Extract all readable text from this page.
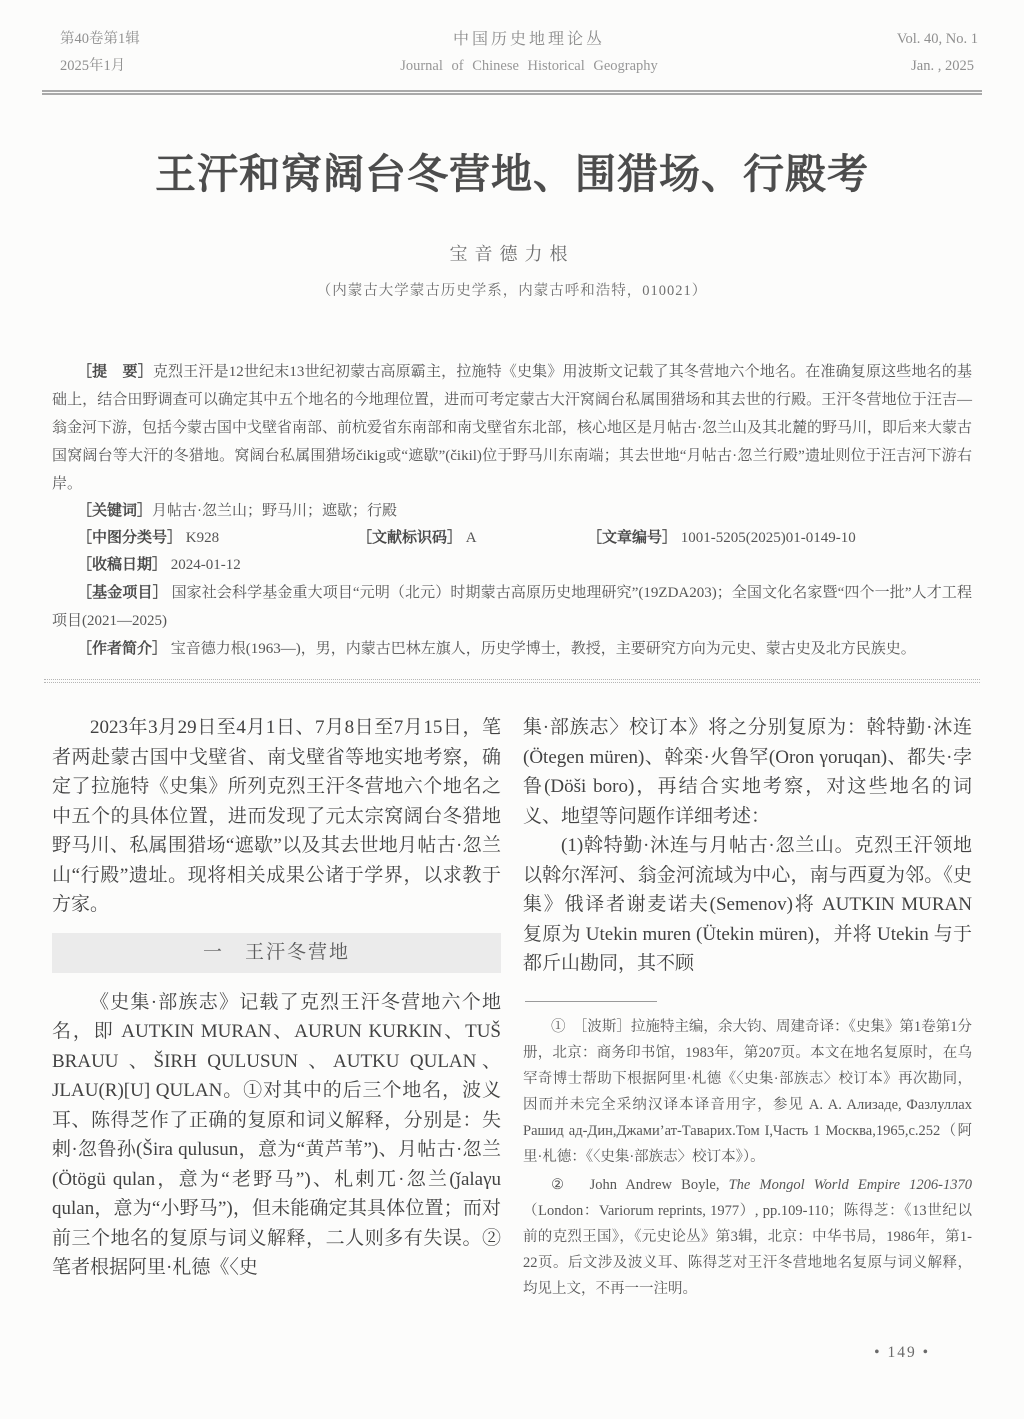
第40卷第1辑
2025年1月
中国历史地理论丛
Journal of Chinese Historical Geography
Vol. 40, No. 1
Jan. , 2025
王汗和窝阔台冬营地、围猎场、行殿考
宝音德力根
（内蒙古大学蒙古历史学系，内蒙古呼和浩特，010021）

［提　要］克烈王汗是12世纪末13世纪初蒙古高原霸主，拉施特《史集》用波斯文记载了其冬营地六个地名。在准确复原这些地名的基础上，结合田野调查可以确定其中五个地名的今地理位置，进而可考定蒙古大汗窝阔台私属围猎场和其去世的行殿。王汗冬营地位于汪吉—翁金河下游，包括今蒙古国中戈壁省南部、前杭爱省东南部和南戈壁省东北部，核心地区是月帖古·忽兰山及其北麓的野马川，即后来大蒙古国窝阔台等大汗的冬猎地。窝阔台私属围猎场čikig或“遮歇”(čikil)位于野马川东南端；其去世地“月帖古·忽兰行殿”遗址则位于汪吉河下游右岸。

［关键词］月帖古·忽兰山；野马川；遮歇；行殿

［中图分类号］ K928	［文献标识码］ A	［文章编号］ 1001-5205(2025)01-0149-10

［收稿日期］ 2024-01-12

［基金项目］ 国家社会科学基金重大项目“元明（北元）时期蒙古高原历史地理研究”(19ZDA203)；全国文化名家暨“四个一批”人才工程项目(2021—2025)

［作者简介］ 宝音德力根(1963—)，男，内蒙古巴林左旗人，历史学博士，教授，主要研究方向为元史、蒙古史及北方民族史。

2023年3月29日至4月1日、7月8日至7月15日，笔者两赴蒙古国中戈壁省、南戈壁省等地实地考察，确定了拉施特《史集》所列克烈王汗冬营地六个地名之中五个的具体位置，进而发现了元太宗窝阔台冬猎地野马川、私属围猎场“遮歇”以及其去世地月帖古·忽兰山“行殿”遗址。现将相关成果公诸于学界，以求教于方家。

一　王汗冬营地

《史集·部族志》记载了克烈王汗冬营地六个地名，即 AUTKIN MURAN、AURUN KURKIN、TUŠ BRAUU 、ŠIRH QULUSUN 、AUTKU QULAN、JLAU(R)[U] QULAN。①对其中的后三个地名，波义耳、陈得芝作了正确的复原和词义解释，分别是：失剌·忽鲁孙(Šira qulusun，意为“黄芦苇”)、月帖古·忽兰(Ötögü qulan，意为“老野马”)、札剌兀·忽兰(ǰalaγu qulan，意为“小野马”)，但未能确定其具体位置；而对前三个地名的复原与词义解释，二人则多有失误。②笔者根据阿里·札德《〈史

集·部族志〉校订本》将之分别复原为：斡特勤·沐连(Ötegen müren)、斡栾·火鲁罕(Oron γoruqan)、都失·孛鲁(Döši boro)，再结合实地考察，对这些地名的词义、地望等问题作详细考述：

(1)斡特勤·沐连与月帖古·忽兰山。克烈王汗领地以斡尔浑河、翁金河流域为中心，南与西夏为邻。《史集》俄译者谢麦诺夫(Semenov)将 AUTKIN MURAN 复原为 Utekin muren (Ütekin müren)，并将 Utekin 与于都斤山勘同，其不顾

①　［波斯］拉施特主编，余大钧、周建奇译：《史集》第1卷第1分册，北京：商务印书馆，1983年，第207页。本文在地名复原时，在乌罕奇博士帮助下根据阿里·札德《〈史集·部族志〉校订本》再次勘同，因而并未完全采纳汉译本译音用字，参见 А. А. Ализаде, Фазлуллах Рашид ад-Дин,Джами’ат-Таварих.Том I,Часть 1 Москва,1965,с.252（阿里·札德：《〈史集·部族志〉校订本》）。

②　John Andrew Boyle, The Mongol World Empire 1206-1370（London：Variorum reprints, 1977）, pp.109-110；陈得芝：《13世纪以前的克烈王国》，《元史论丛》第3辑，北京：中华书局，1986年，第1-22页。后文涉及波义耳、陈得芝对王汗冬营地地名复原与词义解释，均见上文，不再一一注明。

• 149 •
